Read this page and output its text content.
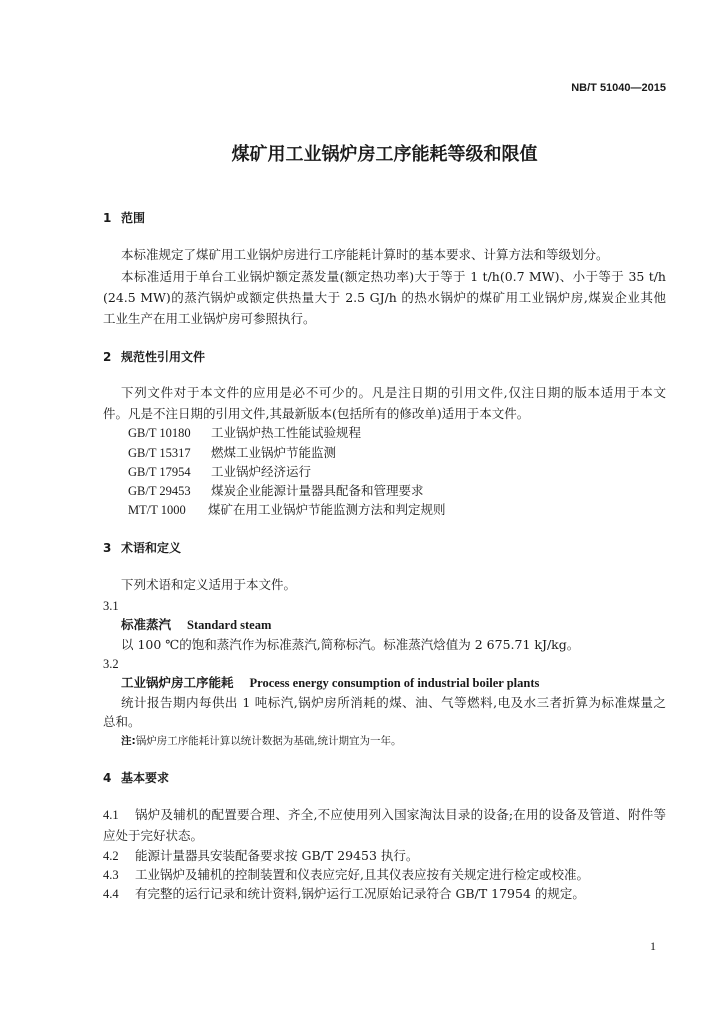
NB/T 51040—2015
煤矿用工业锅炉房工序能耗等级和限值
1 范围
本标准规定了煤矿用工业锅炉房进行工序能耗计算时的基本要求、计算方法和等级划分。
本标准适用于单台工业锅炉额定蒸发量(额定热功率)大于等于 1 t/h(0.7 MW)、小于等于 35 t/h
(24.5 MW)的蒸汽锅炉或额定供热量大于 2.5 GJ/h 的热水锅炉的煤矿用工业锅炉房,煤炭企业其他
工业生产在用工业锅炉房可参照执行。
2 规范性引用文件
下列文件对于本文件的应用是必不可少的。凡是注日期的引用文件,仅注日期的版本适用于本文
件。凡是不注日期的引用文件,其最新版本(包括所有的修改单)适用于本文件。
GB/T 10180 工业锅炉热工性能试验规程
GB/T 15317 燃煤工业锅炉节能监测
GB/T 17954 工业锅炉经济运行
GB/T 29453 煤炭企业能源计量器具配备和管理要求
MT/T 1000 煤矿在用工业锅炉节能监测方法和判定规则
3 术语和定义
下列术语和定义适用于本文件。
3.1
标准蒸汽 Standard steam
以 100 ℃的饱和蒸汽作为标准蒸汽,简称标汽。标准蒸汽焓值为 2 675.71 kJ/kg。
3.2
工业锅炉房工序能耗 Process energy consumption of industrial boiler plants
统计报告期内每供出 1 吨标汽,锅炉房所消耗的煤、油、气等燃料,电及水三者折算为标准煤量之
总和。
注:锅炉房工序能耗计算以统计数据为基础,统计期宜为一年。
4 基本要求
4.1 锅炉及辅机的配置要合理、齐全,不应使用列入国家淘汰目录的设备;在用的设备及管道、附件等
应处于完好状态。
4.2 能源计量器具安装配备要求按 GB/T 29453 执行。
4.3 工业锅炉及辅机的控制装置和仪表应完好,且其仪表应按有关规定进行检定或校准。
4.4 有完整的运行记录和统计资料,锅炉运行工况原始记录符合 GB/T 17954 的规定。
1
